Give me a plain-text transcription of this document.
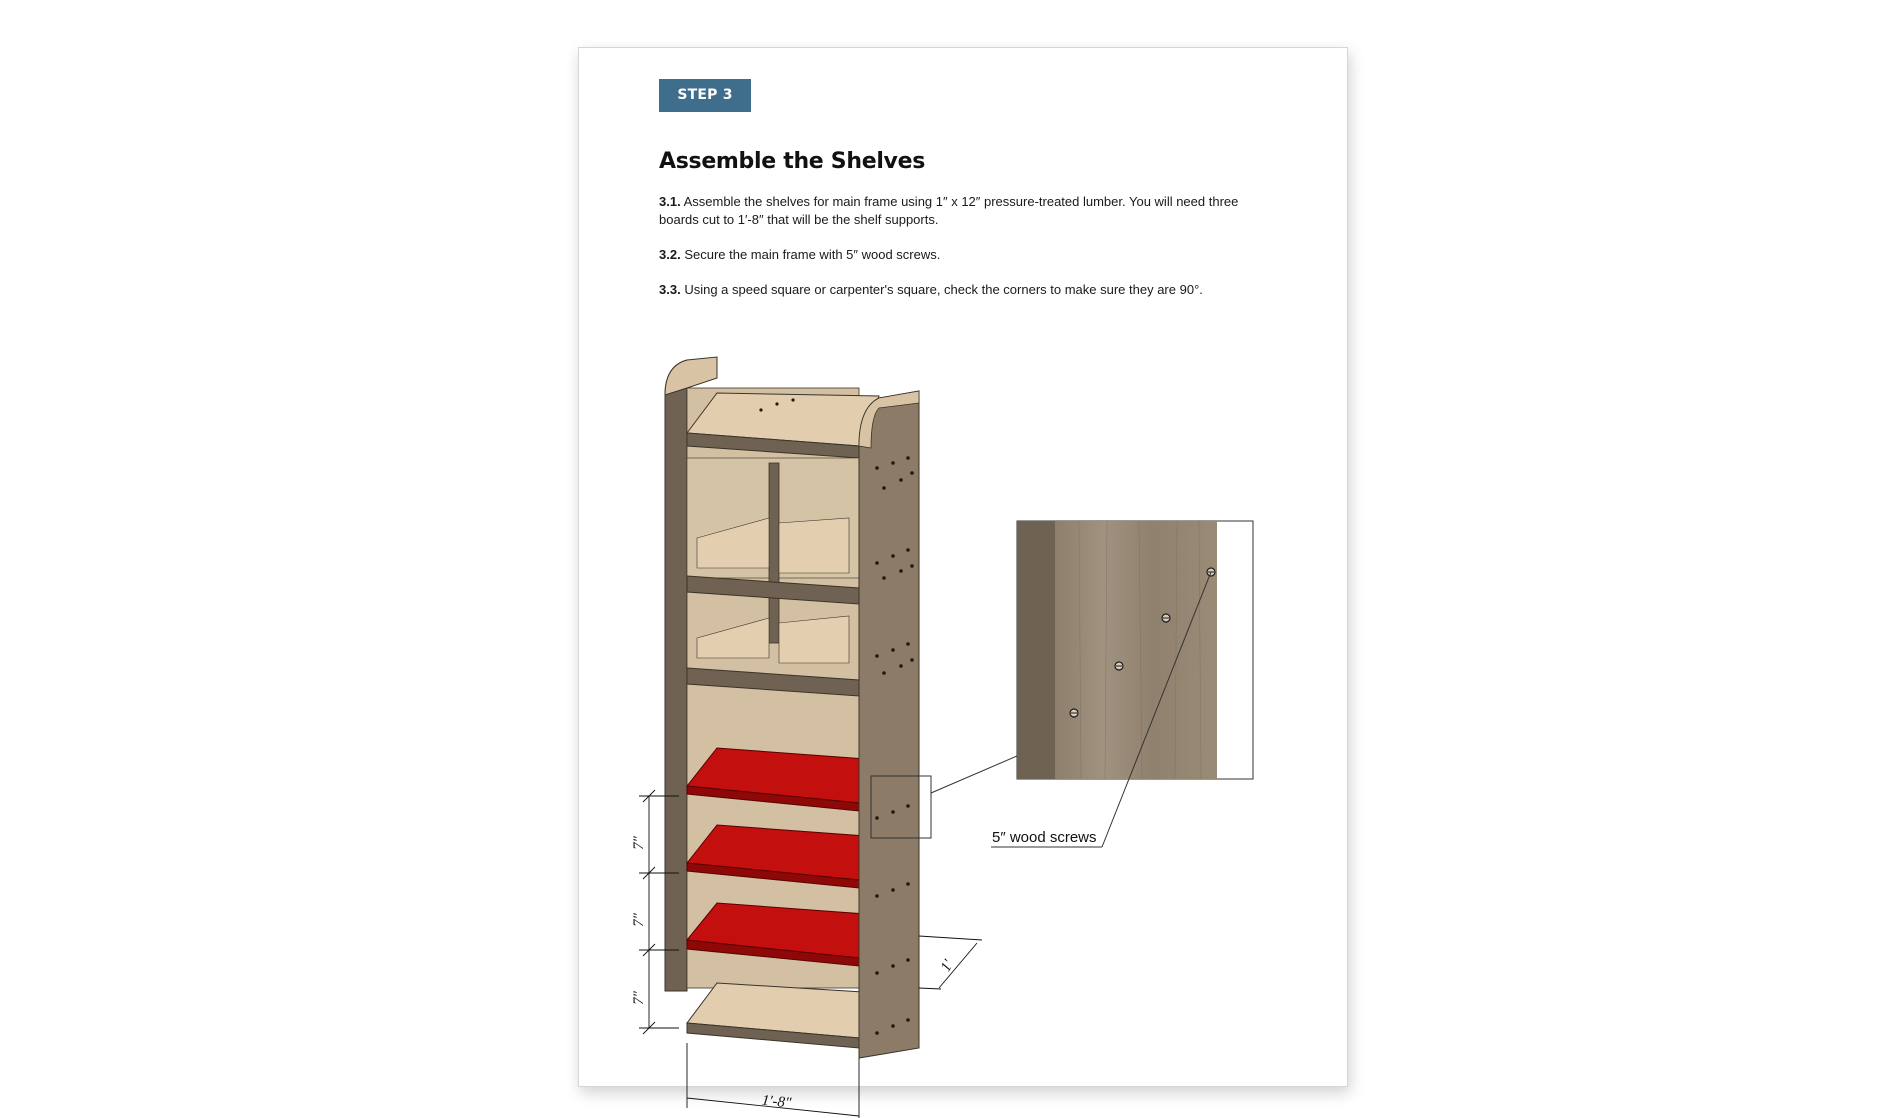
STEP 3
Assemble the Shelves

3.1. Assemble the shelves for main frame using 1″ x 12″ pressure-treated lumber. You will need three boards cut to 1′-8″ that will be the shelf supports.

3.2. Secure the main frame with 5″ wood screws.

3.3. Using a speed square or carpenter's square, check the corners to make sure they are 90°.

7″
7″
7″
1′
1′-8″
5″ wood screws
